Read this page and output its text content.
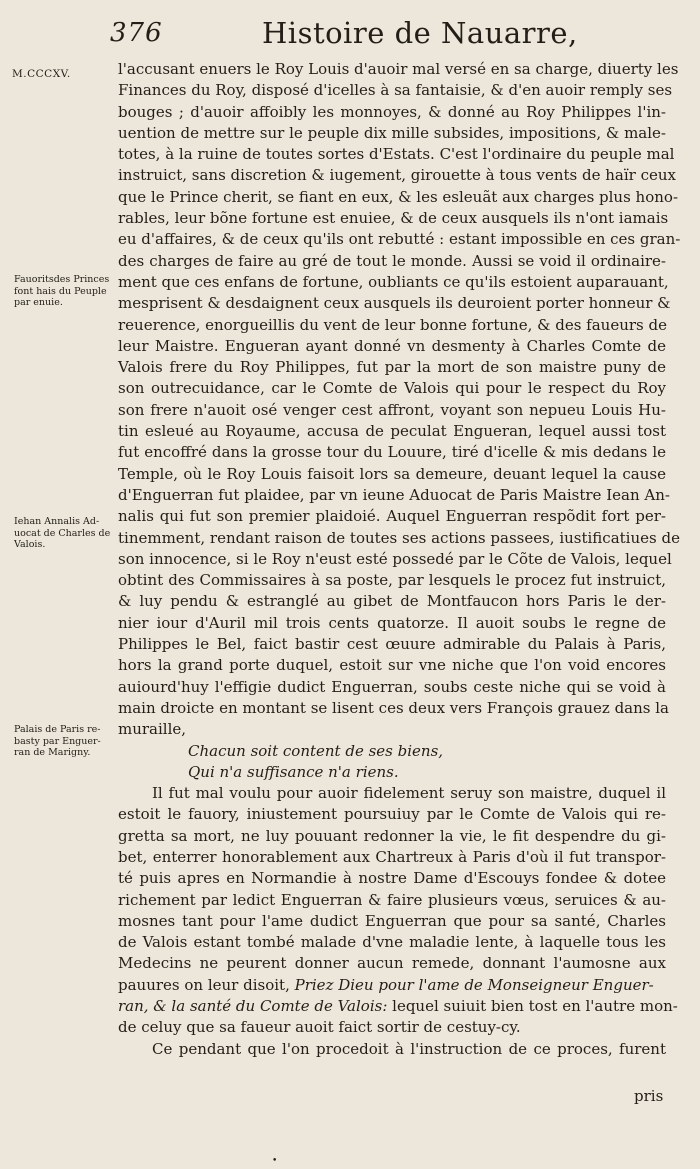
376	Histoire de Nauarre,
M.CCCXV.
Fauoritsdes Princes font hais du Peuple par enuie.
Iehan Annalis Ad- uocat de Charles de Valois.
Palais de Paris re- basty par Enguer- ran de Marigny.
l'accusant enuers le Roy Louis d'auoir mal versé en sa charge, diuerty les
Finances du Roy, disposé d'icelles à sa fantaisie, & d'en auoir remply ses
bouges ; d'auoir affoibly les monnoyes, & donné au Roy Philippes l'in-
uention de mettre sur le peuple dix mille subsides, impositions, & male-
totes, à la ruine de toutes sortes d'Estats. C'est l'ordinaire du peuple mal
instruict, sans discretion & iugement, girouette à tous vents de haïr ceux
que le Prince cherit, se fiant en eux, & les esleuãt aux charges plus hono-
rables, leur bõne fortune est enuiee, & de ceux ausquels ils n'ont iamais
eu d'affaires, & de ceux qu'ils ont rebutté : estant impossible en ces gran-
des charges de faire au gré de tout le monde. Aussi se void il ordinaire-
ment que ces enfans de fortune, oubliants ce qu'ils estoient auparauant,
mesprisent & desdaignent ceux ausquels ils deuroient porter honneur &
reuerence, enorgueillis du vent de leur bonne fortune, & des faueurs de
leur Maistre. Engueran ayant donné vn desmenty à Charles Comte de
Valois frere du Roy Philippes, fut par la mort de son maistre puny de
son outrecuidance, car le Comte de Valois qui pour le respect du Roy
son frere n'auoit osé venger cest affront, voyant son nepueu Louis Hu-
tin esleué au Royaume, accusa de peculat Engueran, lequel aussi tost
fut encoffré dans la grosse tour du Louure, tiré d'icelle & mis dedans le
Temple, où le Roy Louis faisoit lors sa demeure, deuant lequel la cause
d'Enguerran fut plaidee, par vn ieune Aduocat de Paris Maistre Iean An-
nalis qui fut son premier plaidoié. Auquel Enguerran respõdit fort per-
tinemment, rendant raison de toutes ses actions passees, iustificatiues de
son innocence, si le Roy n'eust esté possedé par le Cõte de Valois, lequel
obtint des Commissaires à sa poste, par lesquels le procez fut instruict,
& luy pendu & estranglé au gibet de Montfaucon hors Paris le der-
nier iour d'Auril mil trois cents quatorze. Il auoit soubs le regne de
Philippes le Bel, faict bastir cest œuure admirable du Palais à Paris,
hors la grand porte duquel, estoit sur vne niche que l'on void encores
auiourd'huy l'effigie dudict Enguerran, soubs ceste niche qui se void à
main droicte en montant se lisent ces deux vers François grauez dans la
muraille,
Chacun soit content de ses biens,
Qui n'a suffisance n'a riens.
Il fut mal voulu pour auoir fidelement seruy son maistre, duquel il
estoit le fauory, iniustement poursuiuy par le Comte de Valois qui re-
gretta sa mort, ne luy pouuant redonner la vie, le fit despendre du gi-
bet, enterrer honorablement aux Chartreux à Paris d'où il fut transpor-
té puis apres en Normandie à nostre Dame d'Escouys fondee & dotee
richement par ledict Enguerran & faire plusieurs vœus, seruices & au-
mosnes tant pour l'ame dudict Enguerran que pour sa santé, Charles
de Valois estant tombé malade d'vne maladie lente, à laquelle tous les
Medecins ne peurent donner aucun remede, donnant l'aumosne aux
pauures on leur disoit, Priez Dieu pour l'ame de Monseigneur Enguer-
ran, & la santé du Comte de Valois: lequel suiuit bien tost en l'autre mon-
de celuy que sa faueur auoit faict sortir de cestuy-cy.
Ce pendant que l'on procedoit à l'instruction de ce proces, furent
pris
•
